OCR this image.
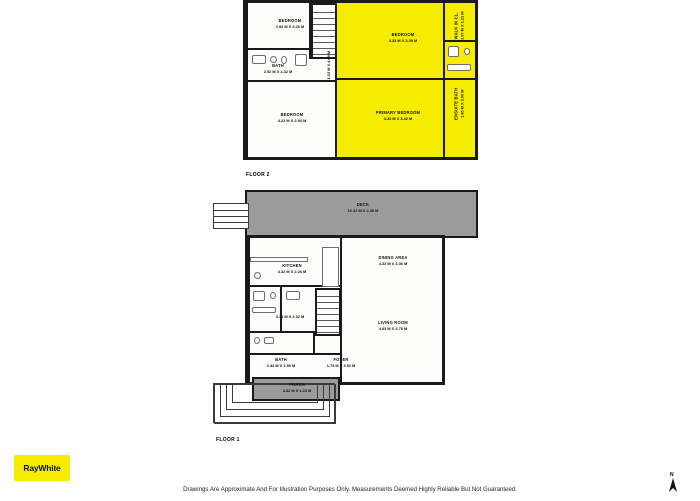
BEDROOM
2.92 M X 3.26 M
BEDROOM
4.33 M X 3.39 M
BATH
2.52 M X 2.32 M
BEDROOM
4.22 M X 2.93 M
PRIMARY BEDROOM
4.33 M X 3.42 M
1.03 M X 4.68 M
WALK IN CL. 1.97 M X 1.21 M
ENSUITE BATH 1.95 M X 3.00 M
FLOOR 2
DECK
10.32 M X 2.35 M
KITCHEN
4.32 M X 2.26 M
DINING AREA
4.33 M X 3.36 M
3.34 M X 2.32 M
LIVING ROOM
4.03 M X 4.75 M
BATH
2.34 M X 1.50 M
FOYER
1.79 M X 3.52 M
PORCH
4.32 M X 1.23 M
FLOOR 1
RayWhite
Drawings Are Approximate And For Illustration Purposes Only. Measurements Deemed Highly Reliable But Not Guaranteed.
N
